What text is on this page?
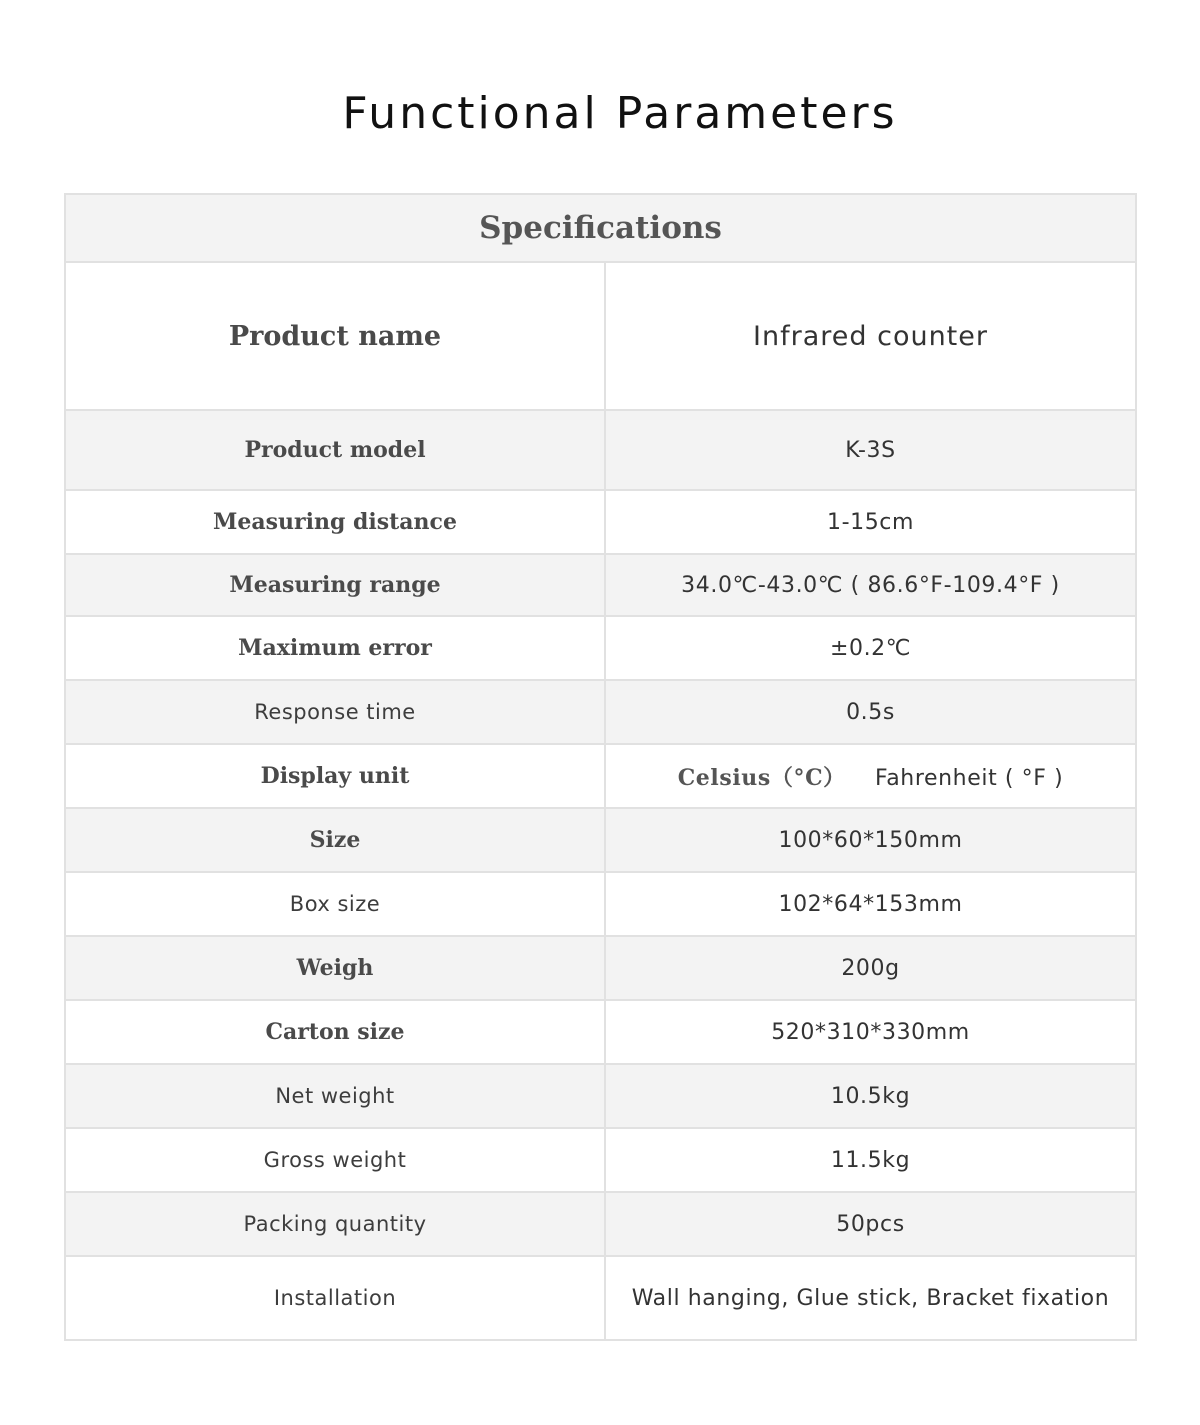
Functional Parameters
Specifications	
Product name	Infrared counter
Product model	K-3S
Measuring distance	1-15cm
Measuring range	34.0℃-43.0℃ ( 86.6°F-109.4°F )
Maximum error	±0.2℃
Response time	0.5s
Display unit	Celsius（°C） Fahrenheit ( °F )
Size	100*60*150mm
Box size	102*64*153mm
Weigh	200g
Carton size	520*310*330mm
Net weight	10.5kg
Gross weight	11.5kg
Packing quantity	50pcs
Installation	Wall hanging, Glue stick, Bracket fixation
